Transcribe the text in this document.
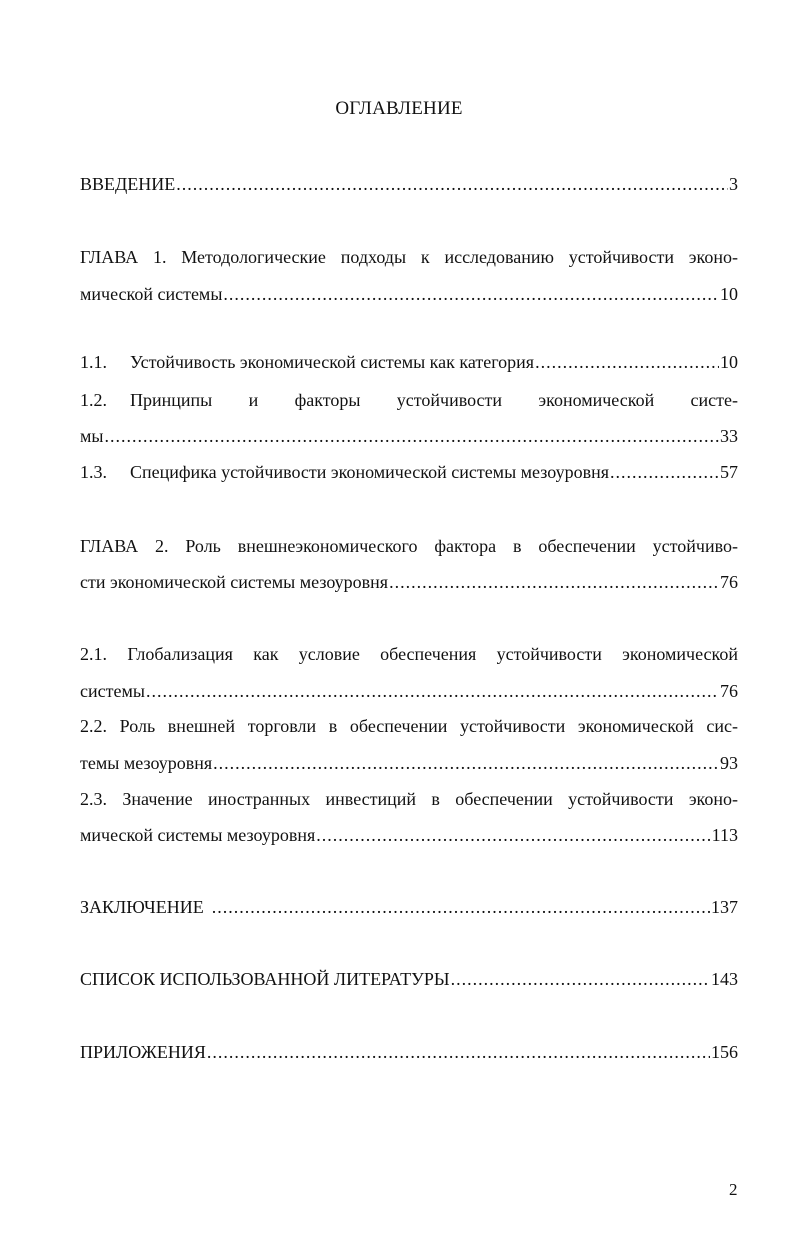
ОГЛАВЛЕНИЕ
ВВЕДЕНИЕ .....	3
ГЛАВА 1. Методологические подходы к исследованию устойчивости эконо-
мической системы .....	10
1.1. Устойчивость экономической системы как категория .....	10
1.2.	Принципы и факторы устойчивости экономической систе-
мы .....	33
1.3. Специфика устойчивости экономической системы мезоуровня .....	57
ГЛАВА 2. Роль внешнеэкономического фактора в обеспечении устойчиво-
сти экономической системы мезоуровня .....	76
2.1. Глобализация как условие обеспечения устойчивости экономической
системы .....	76
2.2. Роль внешней торговли в обеспечении устойчивости экономической сис-
темы мезоуровня .....	93
2.3. Значение иностранных инвестиций в обеспечении устойчивости эконо-
мической системы мезоуровня .....	113
ЗАКЛЮЧЕНИЕ .....	137
СПИСОК ИСПОЛЬЗОВАННОЙ ЛИТЕРАТУРЫ .....	143
ПРИЛОЖЕНИЯ .....	156
2
